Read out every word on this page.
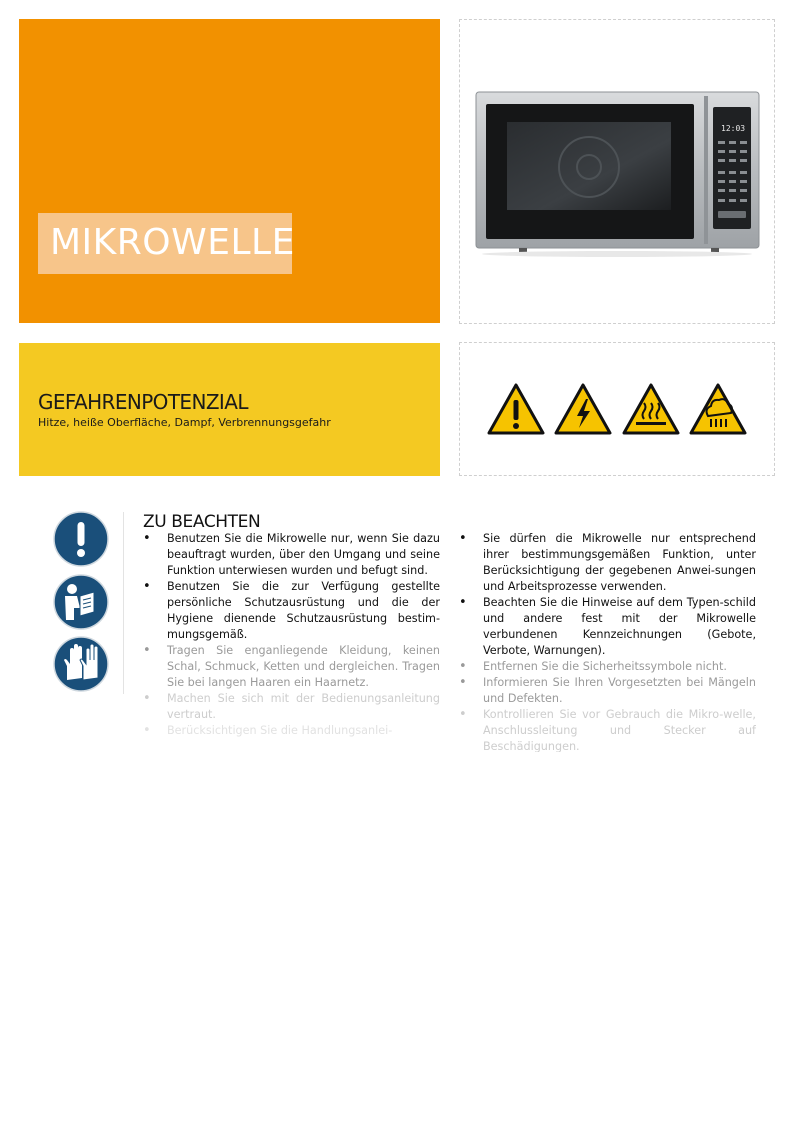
MIKROWELLE
12:03
GEFAHRENPOTENZIAL
Hitze, heiße Oberfläche, Dampf, Verbrennungsgefahr
ZU BEACHTEN
• Benutzen Sie die Mikrowelle nur, wenn Sie dazu beauftragt wurden, über den Umgang und seine Funktion unterwiesen wurden und befugt sind.
• Benutzen Sie die zur Verfügung gestellte persönliche Schutzausrüstung und die der Hygiene dienende Schutzausrüstung bestim-mungsgemäß.
• Tragen Sie enganliegende Kleidung, keinen Schal, Schmuck, Ketten und dergleichen. Tragen Sie bei langen Haaren ein Haarnetz.
• Machen Sie sich mit der Bedienungsanleitung vertraut.
• Berücksichtigen Sie die Handlungsanlei-
• Sie dürfen die Mikrowelle nur entsprechend ihrer bestimmungsgemäßen Funktion, unter Berücksichtigung der gegebenen Anwei-sungen und Arbeitsprozesse verwenden.
• Beachten Sie die Hinweise auf dem Typen-schild und andere fest mit der Mikrowelle verbundenen Kennzeichnungen (Gebote, Verbote, Warnungen).
• Entfernen Sie die Sicherheitssymbole nicht.
• Informieren Sie Ihren Vorgesetzten bei Mängeln und Defekten.
• Kontrollieren Sie vor Gebrauch die Mikro-welle, Anschlussleitung und Stecker auf Beschädigungen.
